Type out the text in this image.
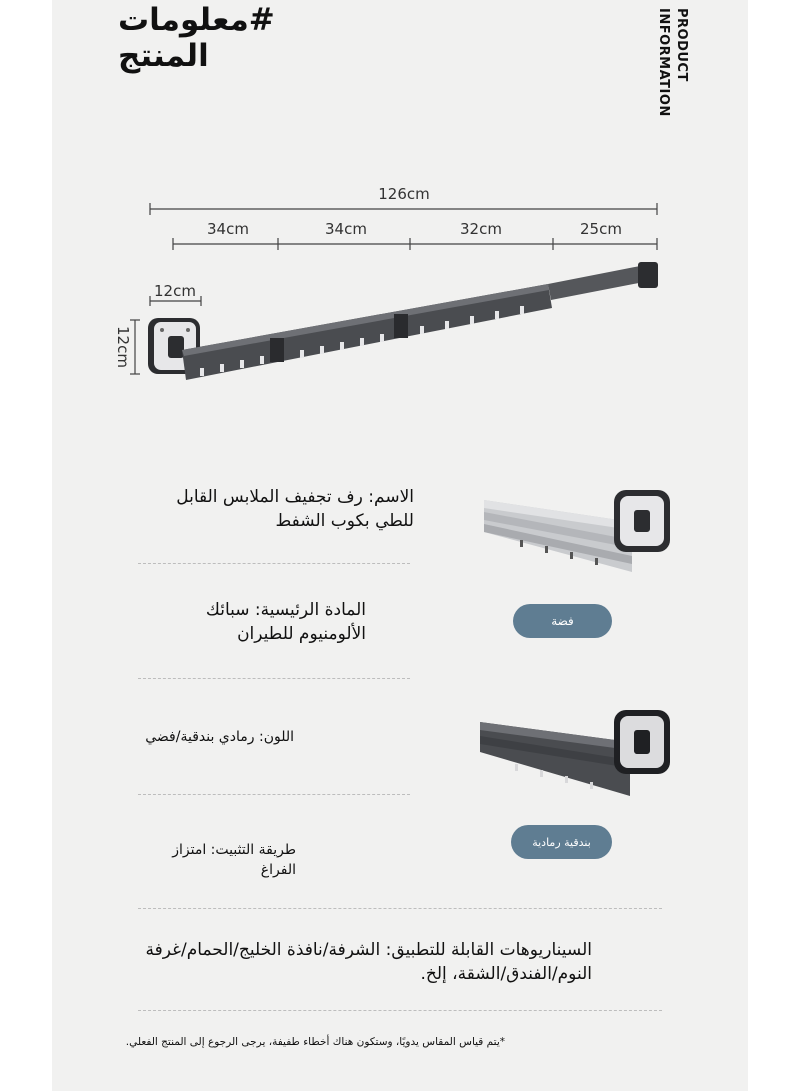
#معلومات المنتج	PRODUCT
INFORMATION
126cm
34cm	34cm	32cm	25cm
12cm
12cm
الاسم: رف تجفيف الملابس القابل للطي بكوب الشفط
المادة الرئيسية: سبائك الألومنيوم للطيران
اللون: رمادي بندقية/فضي
طريقة التثبيت: امتزاز الفراغ
السيناريوهات القابلة للتطبيق: الشرفة/نافذة الخليج/الحمام/غرفة النوم/الفندق/الشقة، إلخ.
فضة
بندقية رمادية
*يتم قياس المقاس يدويًا، وستكون هناك أخطاء طفيفة، يرجى الرجوع إلى المنتج الفعلي.
